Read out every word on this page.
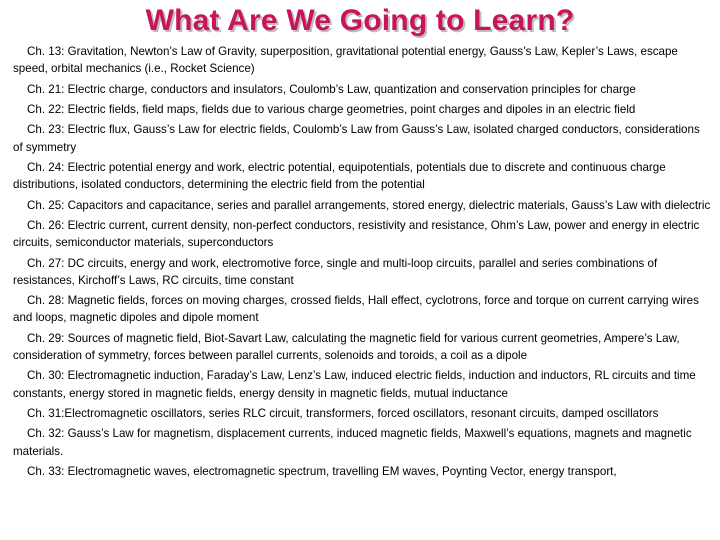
What Are We Going to Learn?
Ch. 13: Gravitation, Newton’s Law of Gravity, superposition, gravitational potential energy, Gauss’s Law, Kepler’s Laws, escape speed, orbital mechanics (i.e., Rocket Science)
Ch. 21: Electric charge, conductors and insulators, Coulomb’s Law, quantization and conservation principles for charge
Ch. 22: Electric fields, field maps, fields due to various charge geometries, point charges and dipoles in an electric field
Ch. 23: Electric flux, Gauss’s Law for electric fields, Coulomb’s Law from Gauss’s Law, isolated charged conductors, considerations of symmetry
Ch. 24: Electric potential energy and work, electric potential, equipotentials, potentials due to discrete and continuous charge distributions, isolated conductors, determining the electric field from the potential
Ch. 25: Capacitors and capacitance, series and parallel arrangements, stored energy, dielectric materials, Gauss’s Law with dielectric
Ch. 26: Electric current, current density, non-perfect conductors, resistivity and resistance, Ohm’s Law, power and energy in electric circuits, semiconductor materials, superconductors
Ch. 27: DC circuits, energy and work, electromotive force, single and multi-loop circuits, parallel and series combinations of resistances, Kirchoff’s Laws, RC circuits, time constant
Ch. 28: Magnetic fields, forces on moving charges, crossed fields, Hall effect, cyclotrons, force and torque on current carrying wires and loops, magnetic dipoles and dipole moment
Ch. 29: Sources of magnetic field, Biot-Savart Law, calculating the magnetic field for various current geometries, Ampere’s Law, consideration of symmetry, forces between parallel currents, solenoids and toroids, a coil as a dipole
Ch. 30: Electromagnetic induction, Faraday’s Law, Lenz’s Law, induced electric fields, induction and inductors, RL circuits and time constants, energy stored in magnetic fields, energy density in magnetic fields, mutual inductance
Ch. 31:Electromagnetic oscillators, series RLC circuit, transformers, forced oscillators, resonant circuits, damped oscillators
Ch. 32: Gauss’s Law for magnetism, displacement currents, induced magnetic fields, Maxwell’s equations, magnets and magnetic materials.
Ch. 33: Electromagnetic waves, electromagnetic spectrum, travelling EM waves, Poynting Vector, energy transport,
